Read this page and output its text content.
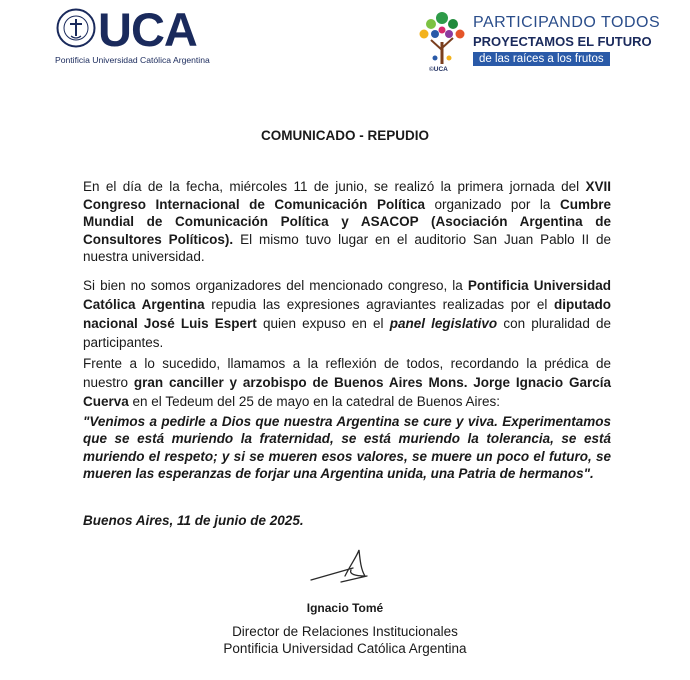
UCA
Pontificia Universidad Católica Argentina
©UCA
PARTICIPANDO TODOS
PROYECTAMOS EL FUTURO
de las raíces a los frutos
COMUNICADO - REPUDIO

En el día de la fecha, miércoles 11 de junio, se realizó la primera jornada del XVII Congreso Internacional de Comunicación Política organizado por la Cumbre Mundial de Comunicación Política y ASACOP (Asociación Argentina de Consultores Políticos). El mismo tuvo lugar en el auditorio San Juan Pablo II de nuestra universidad.

Si bien no somos organizadores del mencionado congreso, la Pontificia Universidad Católica Argentina repudia las expresiones agraviantes realizadas por el diputado nacional José Luis Espert quien expuso en el panel legislativo con pluralidad de participantes.

Frente a lo sucedido, llamamos a la reflexión de todos, recordando la prédica de nuestro gran canciller y arzobispo de Buenos Aires Mons. Jorge Ignacio García Cuerva en el Tedeum del 25 de mayo en la catedral de Buenos Aires:

"Venimos a pedirle a Dios que nuestra Argentina se cure y viva. Experimentamos que se está muriendo la fraternidad, se está muriendo la tolerancia, se está muriendo el respeto; y si se mueren esos valores, se muere un poco el futuro, se mueren las esperanzas de forjar una Argentina unida, una Patria de hermanos".

Buenos Aires, 11 de junio de 2025.
Ignacio Tomé
Director de Relaciones Institucionales
Pontificia Universidad Católica Argentina
